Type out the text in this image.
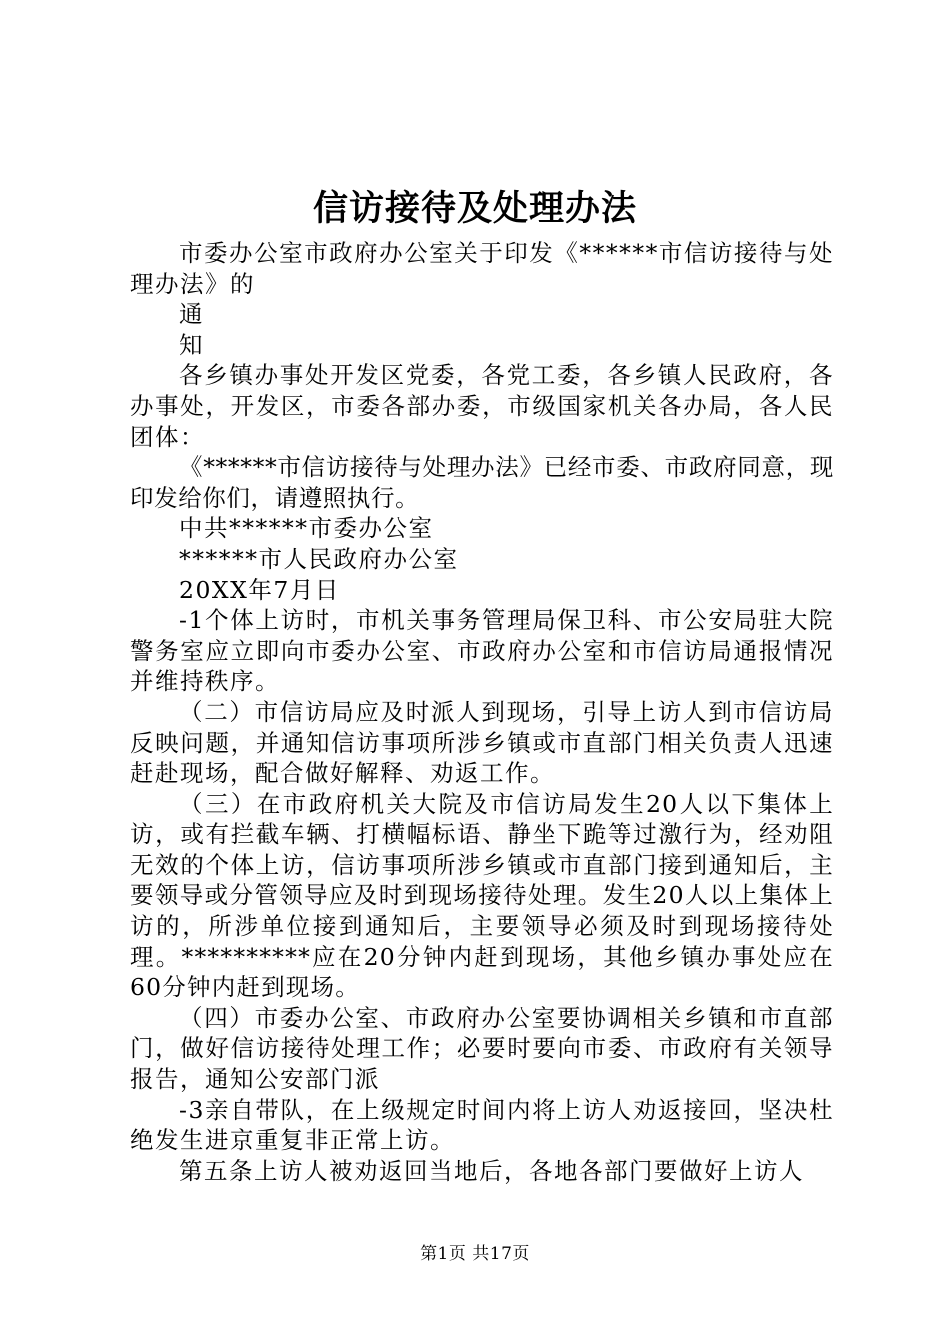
信访接待及处理办法

市委办公室市政府办公室关于印发《******市信访接待与处理办法》的

通

知

各乡镇办事处开发区党委，各党工委，各乡镇人民政府，各办事处，开发区，市委各部办委，市级国家机关各办局，各人民团体：

《******市信访接待与处理办法》已经市委、市政府同意，现印发给你们，请遵照执行。

中共******市委办公室

******市人民政府办公室

20XX年7月日

-1个体上访时，市机关事务管理局保卫科、市公安局驻大院警务室应立即向市委办公室、市政府办公室和市信访局通报情况并维持秩序。

（二）市信访局应及时派人到现场，引导上访人到市信访局反映问题，并通知信访事项所涉乡镇或市直部门相关负责人迅速赶赴现场，配合做好解释、劝返工作。

（三）在市政府机关大院及市信访局发生20人以下集体上访，或有拦截车辆、打横幅标语、静坐下跪等过激行为，经劝阻无效的个体上访，信访事项所涉乡镇或市直部门接到通知后，主要领导或分管领导应及时到现场接待处理。发生20人以上集体上访的，所涉单位接到通知后，主要领导必须及时到现场接待处理。**********应在20分钟内赶到现场，其他乡镇办事处应在60分钟内赶到现场。

（四）市委办公室、市政府办公室要协调相关乡镇和市直部门，做好信访接待处理工作；必要时要向市委、市政府有关领导报告，通知公安部门派

-3亲自带队，在上级规定时间内将上访人劝返接回，坚决杜绝发生进京重复非正常上访。

第五条上访人被劝返回当地后，各地各部门要做好上访人

第1页 共17页
